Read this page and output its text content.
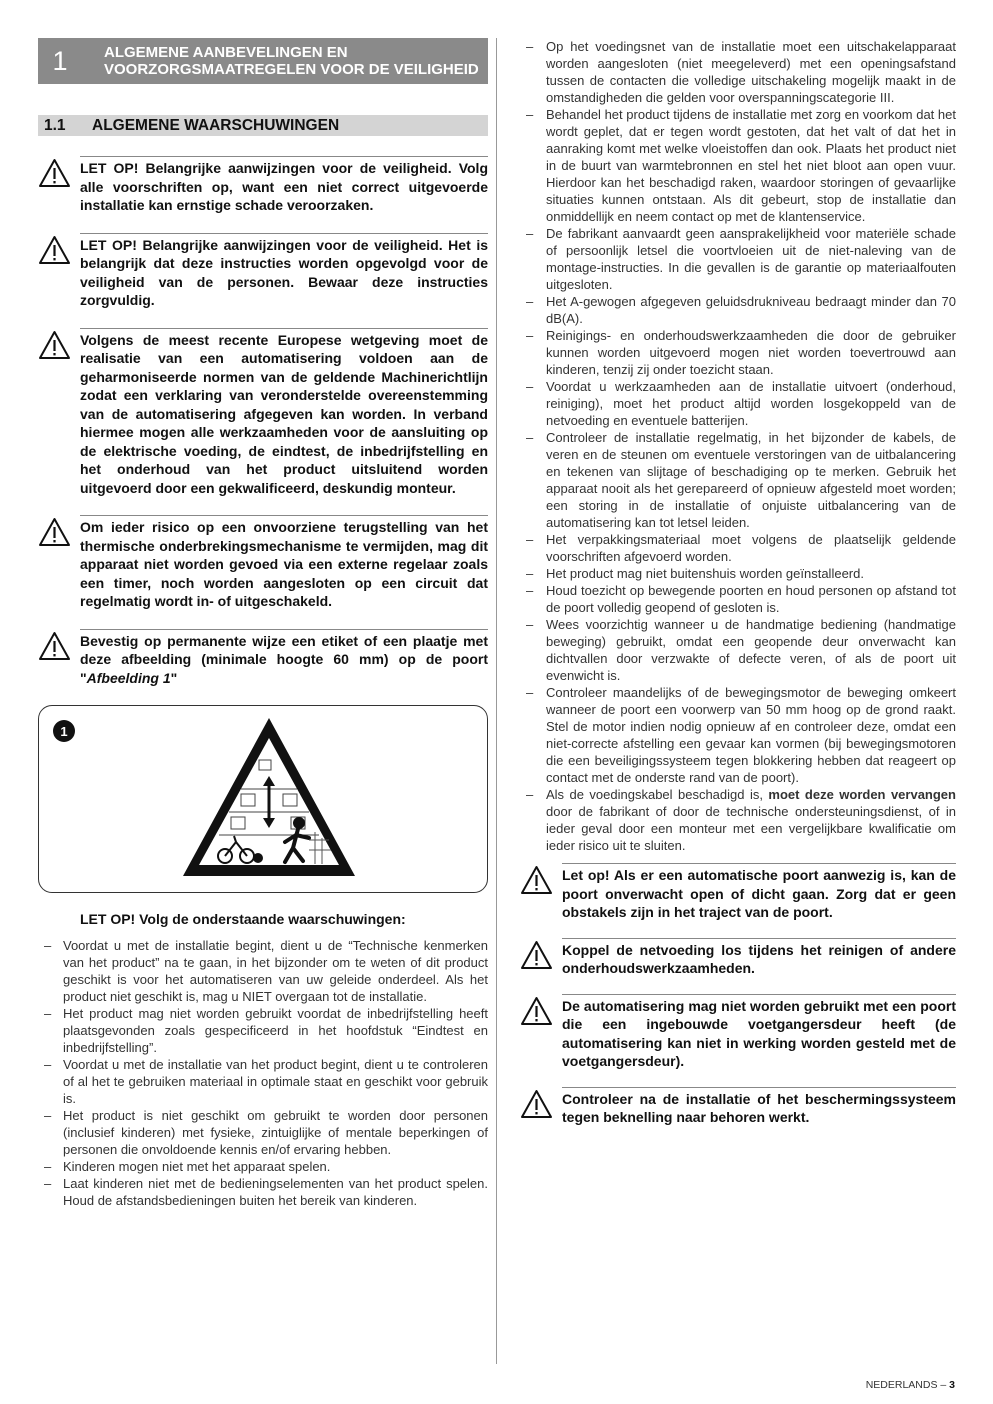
1	ALGEMENE AANBEVELINGEN EN
VOORZORGSMAATREGELEN VOOR DE VEILIGHEID
1.1	ALGEMENE WAARSCHUWINGEN
LET OP! Belangrijke aanwijzingen voor de veiligheid. Volg alle voorschriften op, want een niet correct uitgevoerde installatie kan ernstige schade veroorzaken.
LET OP! Belangrijke aanwijzingen voor de veiligheid. Het is belangrijk dat deze instructies worden opgevolgd voor de veiligheid van de personen. Bewaar deze instructies zorgvuldig.
Volgens de meest recente Europese wetgeving moet de realisatie van een automatisering voldoen aan de geharmoniseerde normen van de geldende Machinerichtlijn zodat een verklaring van veronderstelde overeenstemming van de automatisering afgegeven kan worden. In verband hiermee mogen alle werkzaamheden voor de aansluiting op de elektrische voeding, de eindtest, de inbedrijfstelling en het onderhoud van het product uitsluitend worden uitgevoerd door een gekwalificeerd, deskundig monteur.
Om ieder risico op een onvoorziene terugstelling van het thermische onderbrekingsmechanisme te vermijden, mag dit apparaat niet worden gevoed via een externe regelaar zoals een timer, noch worden aangesloten op een circuit dat regelmatig wordt in- of uitgeschakeld.
Bevestig op permanente wijze een etiket of een plaatje met deze afbeelding (minimale hoogte 60 mm) op de poort "Afbeelding 1"
1
LET OP! Volg de onderstaande waarschuwingen:
– Voordat u met de installatie begint, dient u de “Technische kenmerken van het product” na te gaan, in het bijzonder om te weten of dit product geschikt is voor het automatiseren van uw geleide onderdeel. Als het product niet geschikt is, mag u NIET overgaan tot de installatie.
– Het product mag niet worden gebruikt voordat de inbedrijfstelling heeft plaatsgevonden zoals gespecificeerd in het hoofdstuk “Eindtest en inbedrijfstelling”.
– Voordat u met de installatie van het product begint, dient u te controleren of al het te gebruiken materiaal in optimale staat en geschikt voor gebruik is.
– Het product is niet geschikt om gebruikt te worden door personen (inclusief kinderen) met fysieke, zintuiglijke of mentale beperkingen of personen die onvoldoende kennis en/of ervaring hebben.
– Kinderen mogen niet met het apparaat spelen.
– Laat kinderen niet met de bedieningselementen van het product spelen. Houd de afstandsbedieningen buiten het bereik van kinderen.
– Op het voedingsnet van de installatie moet een uitschakelapparaat worden aangesloten (niet meegeleverd) met een openingsafstand tussen de contacten die volledige uitschakeling mogelijk maakt in de omstandigheden die gelden voor overspanningscategorie III.
– Behandel het product tijdens de installatie met zorg en voorkom dat het wordt geplet, dat er tegen wordt gestoten, dat het valt of dat het in aanraking komt met welke vloeistoffen dan ook. Plaats het product niet in de buurt van warmtebronnen en stel het niet bloot aan open vuur. Hierdoor kan het beschadigd raken, waardoor storingen of gevaarlijke situaties kunnen ontstaan. Als dit gebeurt, stop de installatie dan onmiddellijk en neem contact op met de klantenservice.
– De fabrikant aanvaardt geen aansprakelijkheid voor materiële schade of persoonlijk letsel die voortvloeien uit de niet-naleving van de montage-instructies. In die gevallen is de garantie op materiaalfouten uitgesloten.
– Het A-gewogen afgegeven geluidsdrukniveau bedraagt minder dan 70 dB(A).
– Reinigings- en onderhoudswerkzaamheden die door de gebruiker kunnen worden uitgevoerd mogen niet worden toevertrouwd aan kinderen, tenzij zij onder toezicht staan.
– Voordat u werkzaamheden aan de installatie uitvoert (onderhoud, reiniging), moet het product altijd worden losgekoppeld van de netvoeding en eventuele batterijen.
– Controleer de installatie regelmatig, in het bijzonder de kabels, de veren en de steunen om eventuele verstoringen van de uitbalancering en tekenen van slijtage of beschadiging op te merken. Gebruik het apparaat nooit als het gerepareerd of opnieuw afgesteld moet worden; een storing in de installatie of onjuiste uitbalancering van de automatisering kan tot letsel leiden.
– Het verpakkingsmateriaal moet volgens de plaatselijk geldende voorschriften afgevoerd worden.
– Het product mag niet buitenshuis worden geïnstalleerd.
– Houd toezicht op bewegende poorten en houd personen op afstand tot de poort volledig geopend of gesloten is.
– Wees voorzichtig wanneer u de handmatige bediening (handmatige beweging) gebruikt, omdat een geopende deur onverwacht kan dichtvallen door verzwakte of defecte veren, of als de poort uit evenwicht is.
– Controleer maandelijks of de bewegingsmotor de beweging omkeert wanneer de poort een voorwerp van 50 mm hoog op de grond raakt. Stel de motor indien nodig opnieuw af en controleer deze, omdat een niet-correcte afstelling een gevaar kan vormen (bij bewegingsmotoren die een beveiligingssysteem tegen blokkering hebben dat reageert op contact met de onderste rand van de poort).
– Als de voedingskabel beschadigd is, moet deze worden vervangen door de fabrikant of door de technische ondersteuningsdienst, of in ieder geval door een monteur met een vergelijkbare kwalificatie om ieder risico uit te sluiten.
Let op! Als er een automatische poort aanwezig is, kan de poort onverwacht open of dicht gaan. Zorg dat er geen obstakels zijn in het traject van de poort.
Koppel de netvoeding los tijdens het reinigen of andere onderhoudswerkzaamheden.
De automatisering mag niet worden gebruikt met een poort die een ingebouwde voetgangersdeur heeft (de automatisering kan niet in werking worden gesteld met de voetgangersdeur).
Controleer na de installatie of het beschermingssysteem tegen beknelling naar behoren werkt.
NEDERLANDS – 3
